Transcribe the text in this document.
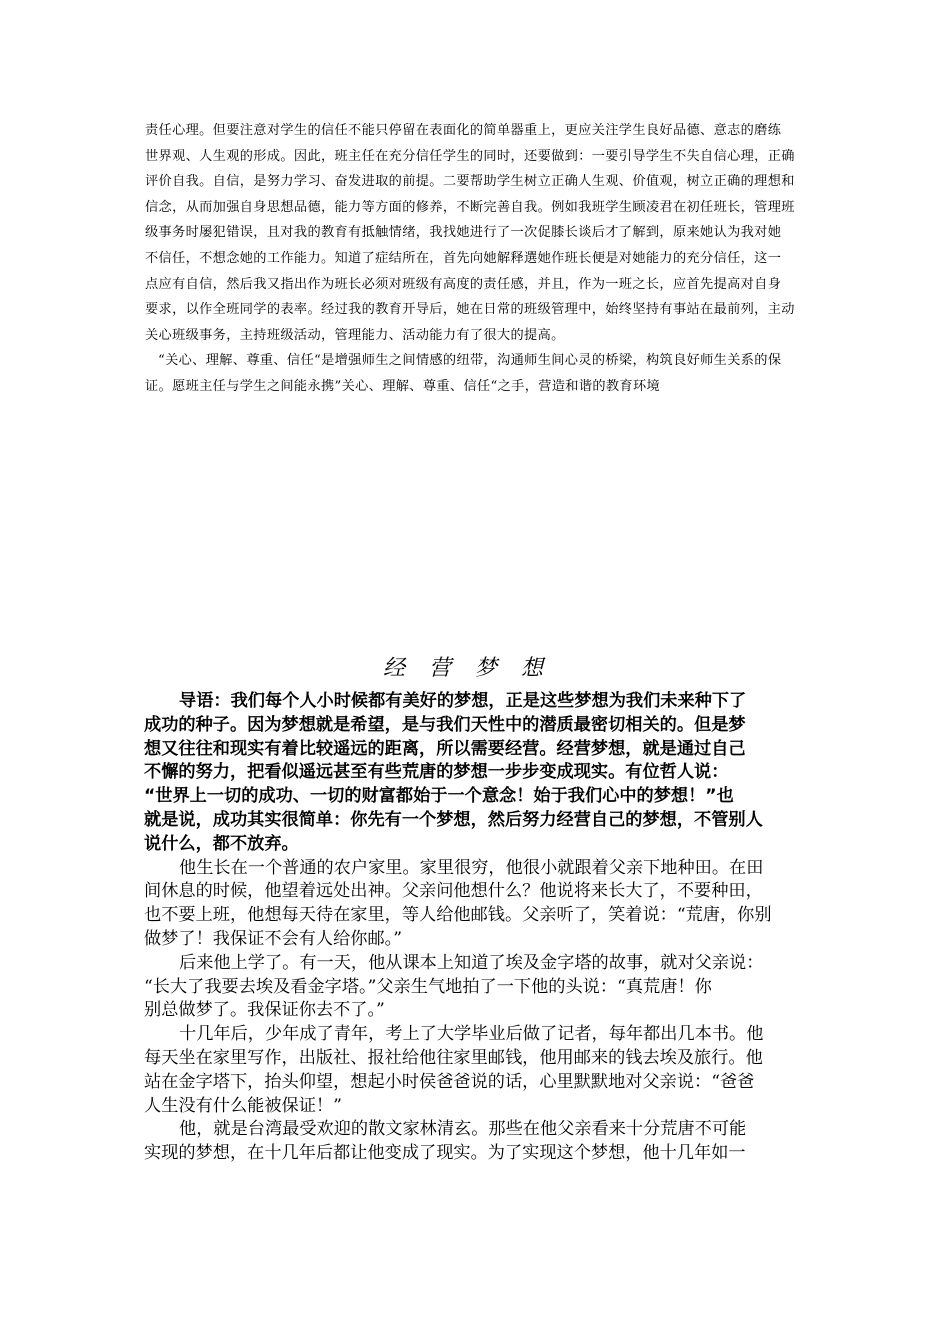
责任心理。但要注意对学生的信任不能只停留在表面化的简单器重上，更应关注学生良好品德、意志的磨练
世界观、人生观的形成。因此，班主任在充分信任学生的同时，还要做到：一要引导学生不失自信心理，正确
评价自我。自信，是努力学习、奋发进取的前提。二要帮助学生树立正确人生观、价值观，树立正确的理想和
信念，从而加强自身思想品德，能力等方面的修养，不断完善自我。例如我班学生顾凌君在初任班长，管理班
级事务时屡犯错误，且对我的教育有抵触情绪，我找她进行了一次促膝长谈后才了解到，原来她认为我对她
不信任，不想念她的工作能力。知道了症结所在，首先向她解释選她作班长便是对她能力的充分信任，这一
点应有自信，然后我又指出作为班长必须对班级有高度的责任感，并且，作为一班之长，应首先提高对自身
要求，以作全班同学的表率。经过我的教育开导后，她在日常的班级管理中，始终坚持有事站在最前列，主动
关心班级事务，主持班级活动，管理能力、活动能力有了很大的提高。
“关心、理解、尊重、信任“是增强师生之间情感的纽带，沟通师生间心灵的桥梁，构筑良好师生关系的保
证。愿班主任与学生之间能永携”关心、理解、尊重、信任“之手，营造和谐的教育环境
经营梦想
导语：我们每个人小时候都有美好的梦想，正是这些梦想为我们未来种下了
成功的种子。因为梦想就是希望，是与我们天性中的潜质最密切相关的。但是梦
想又往往和现实有着比较遥远的距离，所以需要经营。经营梦想，就是通过自己
不懈的努力，把看似遥远甚至有些荒唐的梦想一步步变成现实。有位哲人说：
“世界上一切的成功、一切的财富都始于一个意念！始于我们心中的梦想！”也
就是说，成功其实很简单：你先有一个梦想，然后努力经营自己的梦想，不管别人
说什么，都不放弃。
他生长在一个普通的农户家里。家里很穷，他很小就跟着父亲下地种田。在田
间休息的时候，他望着远处出神。父亲问他想什么？他说将来长大了，不要种田，
也不要上班，他想每天待在家里，等人给他邮钱。父亲听了，笑着说：“荒唐，你别
做梦了！我保证不会有人给你邮。”
后来他上学了。有一天，他从课本上知道了埃及金字塔的故事，就对父亲说：
“长大了我要去埃及看金字塔。”父亲生气地拍了一下他的头说：“真荒唐！你
别总做梦了。我保证你去不了。”
十几年后，少年成了青年，考上了大学毕业后做了记者，每年都出几本书。他
每天坐在家里写作，出版社、报社给他往家里邮钱，他用邮来的钱去埃及旅行。他
站在金字塔下，抬头仰望，想起小时侯爸爸说的话，心里默默地对父亲说：“爸爸
人生没有什么能被保证！”
他，就是台湾最受欢迎的散文家林清玄。那些在他父亲看来十分荒唐不可能
实现的梦想，在十几年后都让他变成了现实。为了实现这个梦想，他十几年如一
